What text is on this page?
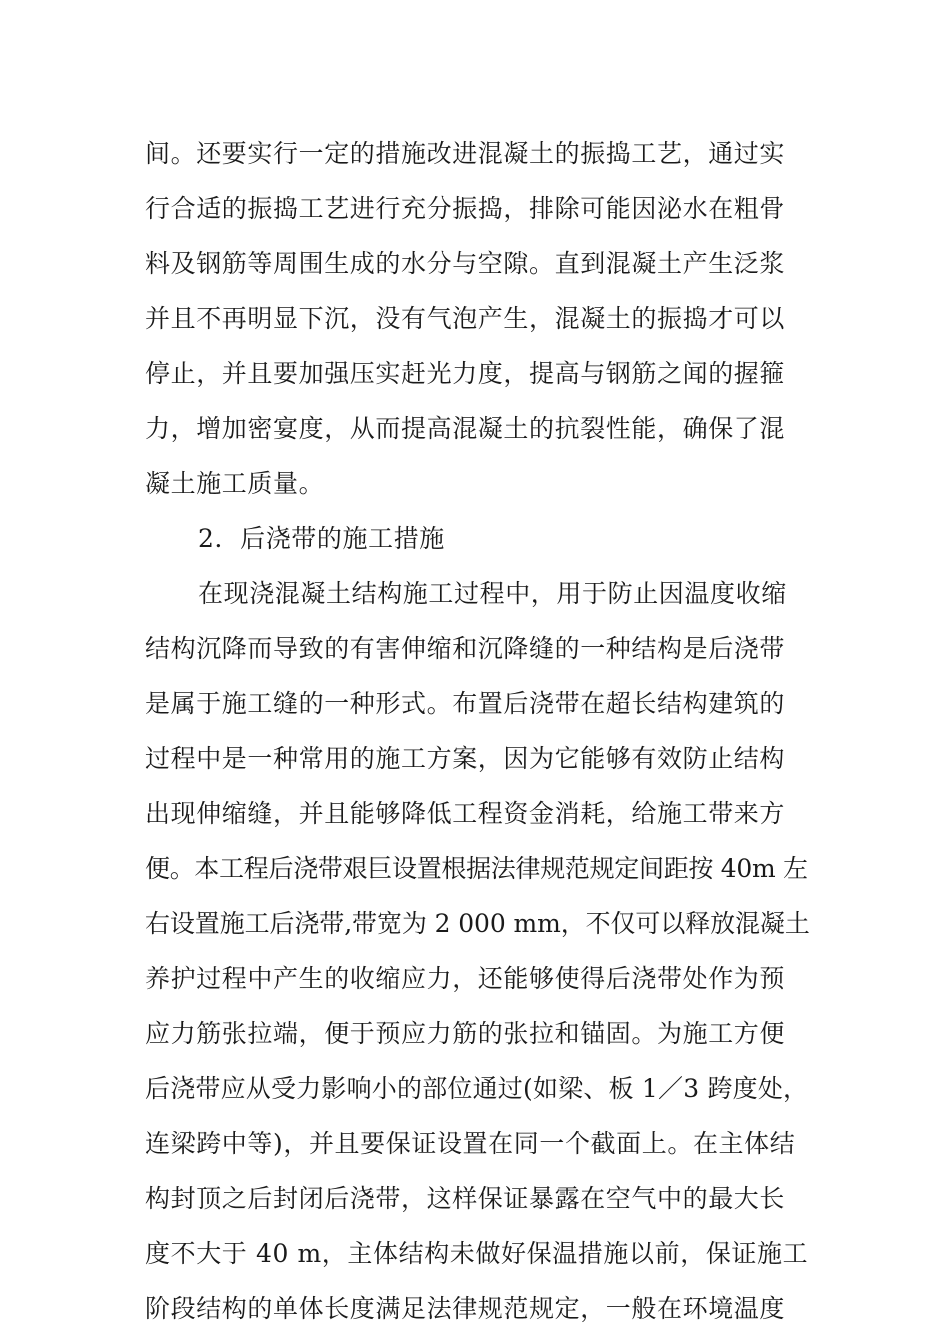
间。还要实行一定的措施改进混凝土的振捣工艺，通过实
行合适的振捣工艺进行充分振捣，排除可能因泌水在粗骨
料及钢筋等周围生成的水分与空隙。直到混凝土产生泛浆
并且不再明显下沉，没有气泡产生，混凝土的振捣才可以
停止，并且要加强压实赶光力度，提高与钢筋之闻的握箍
力，增加密宴度，从而提高混凝土的抗裂性能，确保了混
凝土施工质量。
2．后浇带的施工措施
在现浇混凝土结构施工过程中，用于防止因温度收缩
结构沉降而导致的有害伸缩和沉降缝的一种结构是后浇带
是属于施工缝的一种形式。布置后浇带在超长结构建筑的
过程中是一种常用的施工方案，因为它能够有效防止结构
出现伸缩缝，并且能够降低工程资金消耗，给施工带来方
便。本工程后浇带艰巨设置根据法律规范规定间距按 40m 左
右设置施工后浇带,带宽为 2 000 mm，不仅可以释放混凝土
养护过程中产生的收缩应力，还能够使得后浇带处作为预
应力筋张拉端，便于预应力筋的张拉和锚固。为施工方便
后浇带应从受力影响小的部位通过(如梁、板 1／3 跨度处，
连梁跨中等)，并且要保证设置在同一个截面上。在主体结
构封顶之后封闭后浇带，这样保证暴露在空气中的最大长
度不大于 40 m，主体结构未做好保温措施以前，保证施工
阶段结构的单体长度满足法律规范规定，一般在环境温度
